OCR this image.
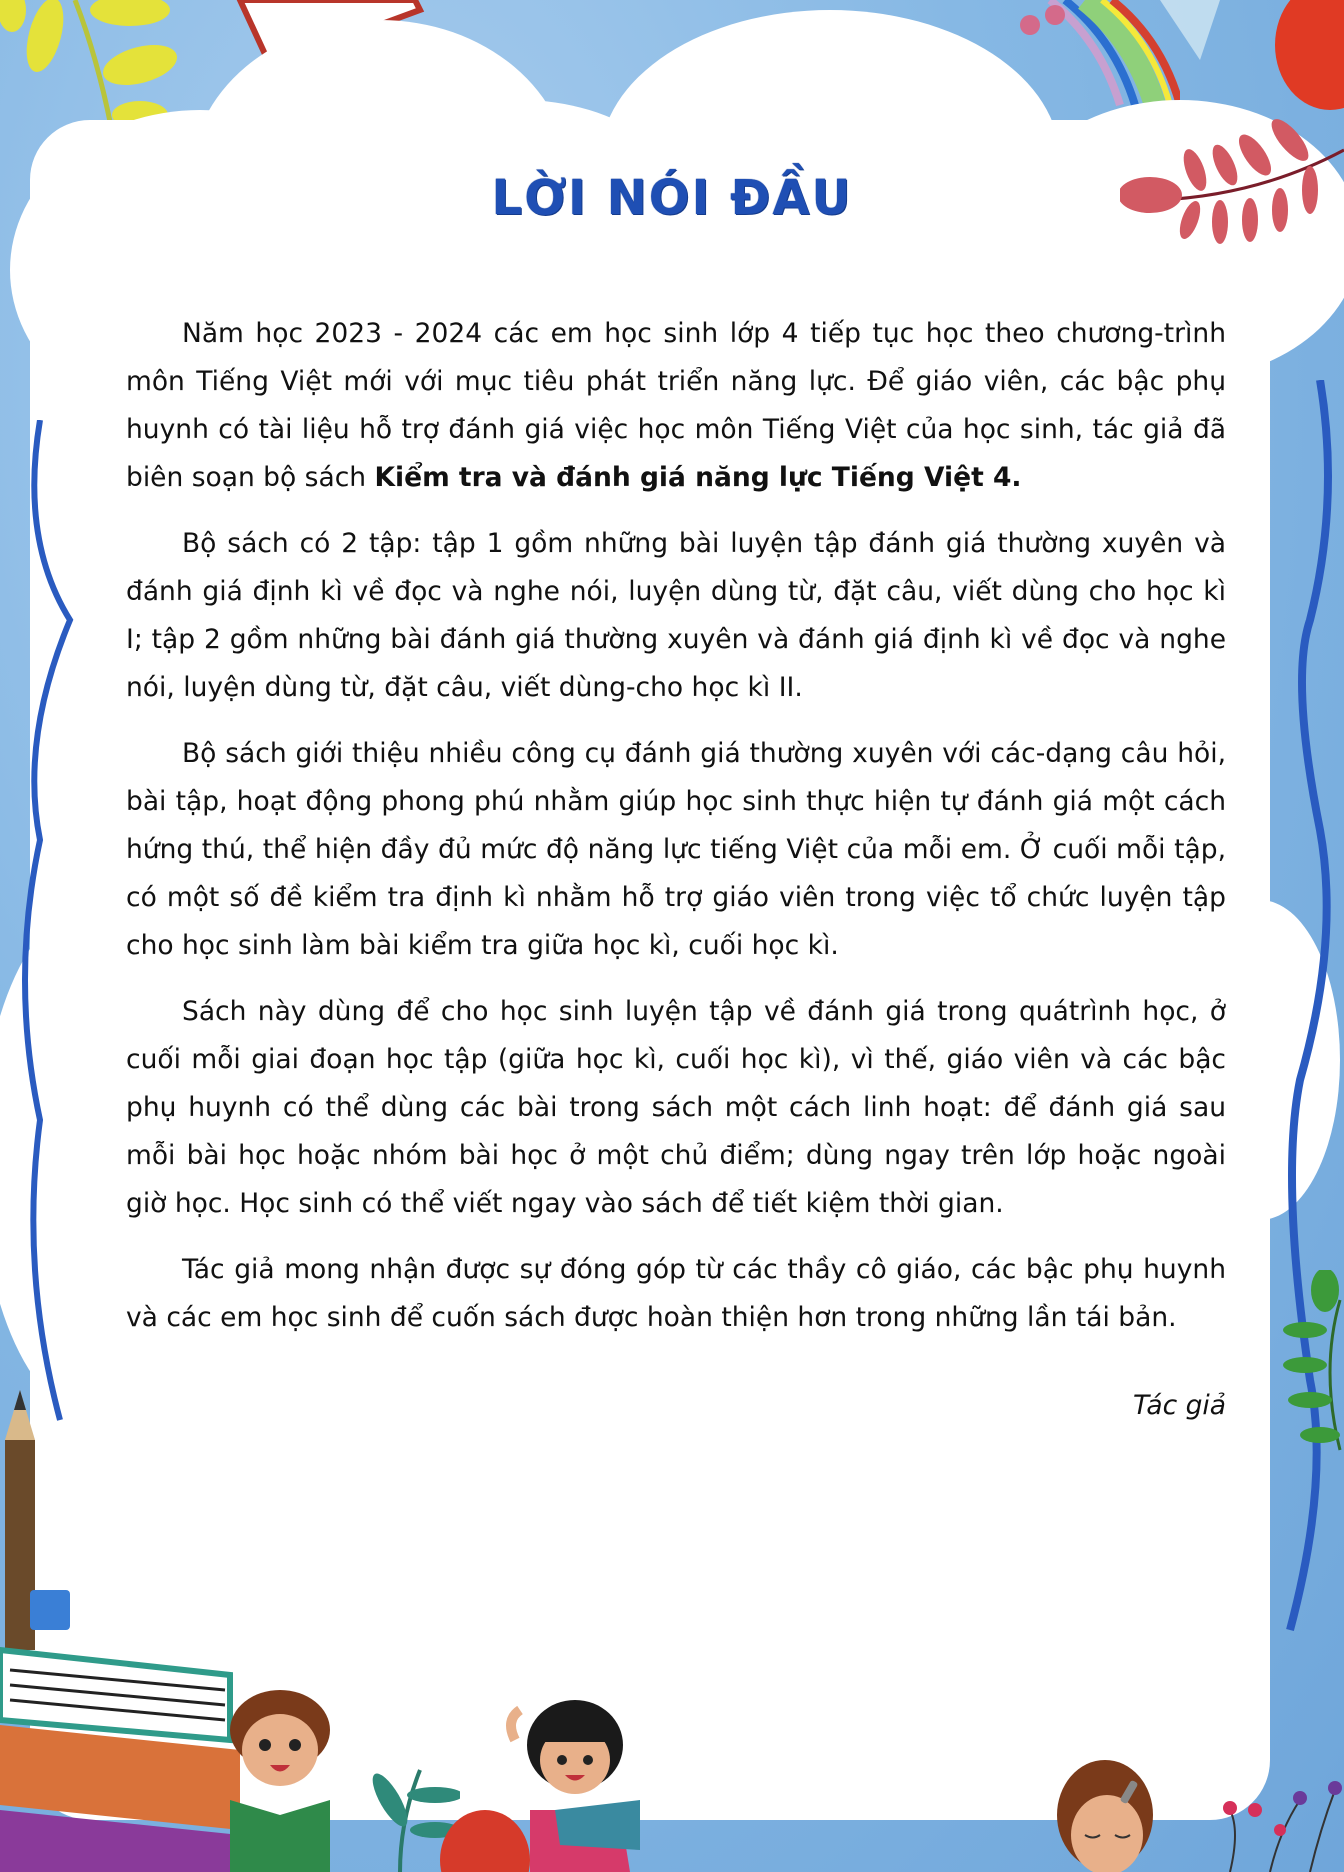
LỜI NÓI ĐẦU

Năm học 2023 - 2024 các em học sinh lớp 4 tiếp tục học theo chương-trình môn Tiếng Việt mới với mục tiêu phát triển năng lực. Để giáo viên, các bậc phụ huynh có tài liệu hỗ trợ đánh giá việc học môn Tiếng Việt của học sinh, tác giả đã biên soạn bộ sách Kiểm tra và đánh giá năng lực Tiếng Việt 4.

Bộ sách có 2 tập: tập 1 gồm những bài luyện tập đánh giá thường xuyên và đánh giá định kì về đọc và nghe nói, luyện dùng từ, đặt câu, viết dùng cho học kì I; tập 2 gồm những bài đánh giá thường xuyên và đánh giá định kì về đọc và nghe nói, luyện dùng từ, đặt câu, viết dùng-cho học kì II.

Bộ sách giới thiệu nhiều công cụ đánh giá thường xuyên với các-dạng câu hỏi, bài tập, hoạt động phong phú nhằm giúp học sinh thực hiện tự đánh giá một cách hứng thú, thể hiện đầy đủ mức độ năng lực tiếng Việt của mỗi em. Ở cuối mỗi tập, có một số đề kiểm tra định kì nhằm hỗ trợ giáo viên trong việc tổ chức luyện tập cho học sinh làm bài kiểm tra giữa học kì, cuối học kì.

Sách này dùng để cho học sinh luyện tập về đánh giá trong quátrình học, ở cuối mỗi giai đoạn học tập (giữa học kì, cuối học kì), vì thế, giáo viên và các bậc phụ huynh có thể dùng các bài trong sách một cách linh hoạt: để đánh giá sau mỗi bài học hoặc nhóm bài học ở một chủ điểm; dùng ngay trên lớp hoặc ngoài giờ học. Học sinh có thể viết ngay vào sách để tiết kiệm thời gian.

Tác giả mong nhận được sự đóng góp từ các thầy cô giáo, các bậc phụ huynh và các em học sinh để cuốn sách được hoàn thiện hơn trong những lần tái bản.

Tác giả
